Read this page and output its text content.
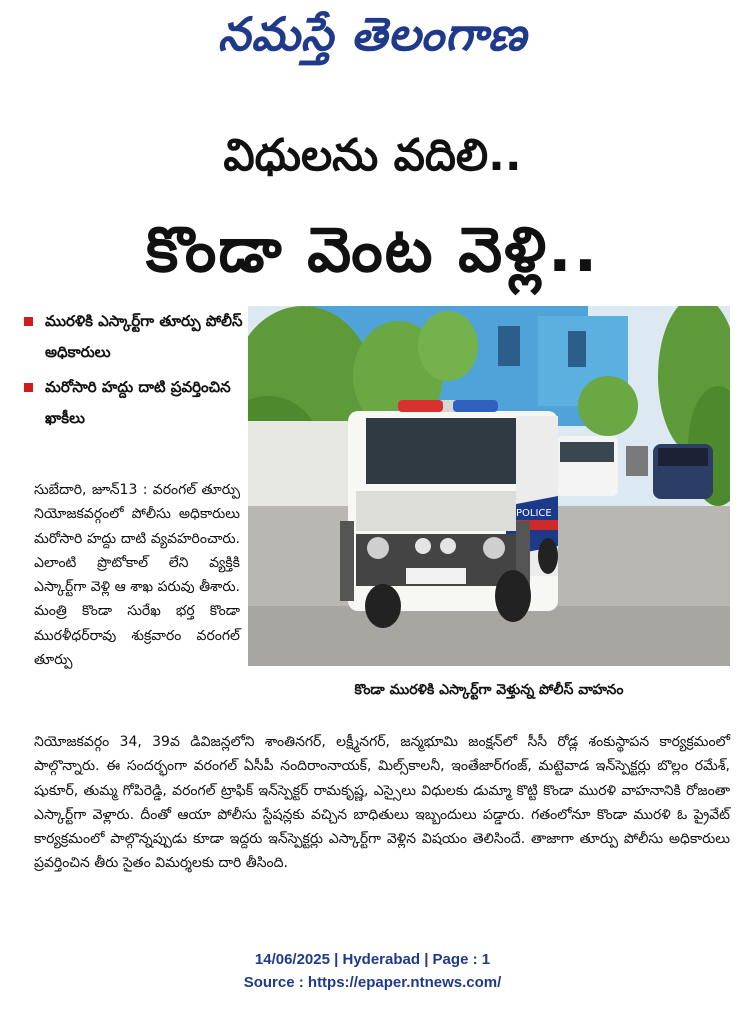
నమస్తే తెలంగాణ
విధులను వదిలి..
కొండా వెంట వెళ్లి..
మురళికి ఎస్కార్ట్‌గా తూర్పు పోలీస్ అధికారులు
మరోసారి హద్దు దాటి ప్రవర్తించిన ఖాకీలు
POLICE
కొండా మురళికి ఎస్కార్ట్‌గా వెళ్తున్న పోలీస్ వాహనం
సుబేదారి, జూన్13 : వరంగల్ తూర్పు నియోజకవర్గంలో పోలీసు అధికారులు మరోసారి హద్దు దాటి వ్యవహరించారు. ఎలాంటి ప్రొటోకాల్ లేని వ్యక్తికి ఎస్కార్ట్‌గా వెళ్లి ఆ శాఖ పరువు తీశారు. మంత్రి కొండా సురేఖ భర్త కొండా మురళీధర్‌రావు శుక్రవారం వరంగల్ తూర్పు
నియోజకవర్గం 34, 39వ డివిజన్లలోని శాంతినగర్, లక్ష్మీనగర్, జన్మభూమి జంక్షన్‌లో సీసీ రోడ్ల శంకుస్థాపన కార్యక్రమంలో పాల్గొన్నారు. ఈ సందర్భంగా వరంగల్ ఏసీపీ నందిరాంనాయక్, మిల్స్‌కాలనీ, ఇంతేజార్‌గంజ్, మట్టెవాడ ఇన్‌స్పెక్టర్లు బొల్లం రమేశ్, షుకూర్, తుమ్మ గోపిరెడ్డి, వరంగల్ ట్రాఫిక్ ఇన్‌స్పెక్టర్ రామకృష్ణ, ఎస్సైలు విధులకు డుమ్మా కొట్టి కొండా మురళి వాహనానికి రోజంతా ఎస్కార్ట్‌గా వెళ్లారు. దీంతో ఆయా పోలీసు స్టేషన్లకు వచ్చిన బాధితులు ఇబ్బందులు పడ్డారు. గతంలోనూ కొండా మురళి ఓ ప్రైవేట్ కార్యక్రమంలో పాల్గొన్నప్పుడు కూడా ఇద్దరు ఇన్‌స్పెక్టర్లు ఎస్కార్ట్‌గా వెళ్లిన విషయం తెలిసిందే. తాజాగా తూర్పు పోలీసు అధికారులు ప్రవర్తించిన తీరు సైతం విమర్శలకు దారి తీసింది.
14/06/2025 | Hyderabad | Page : 1
Source : https://epaper.ntnews.com/
